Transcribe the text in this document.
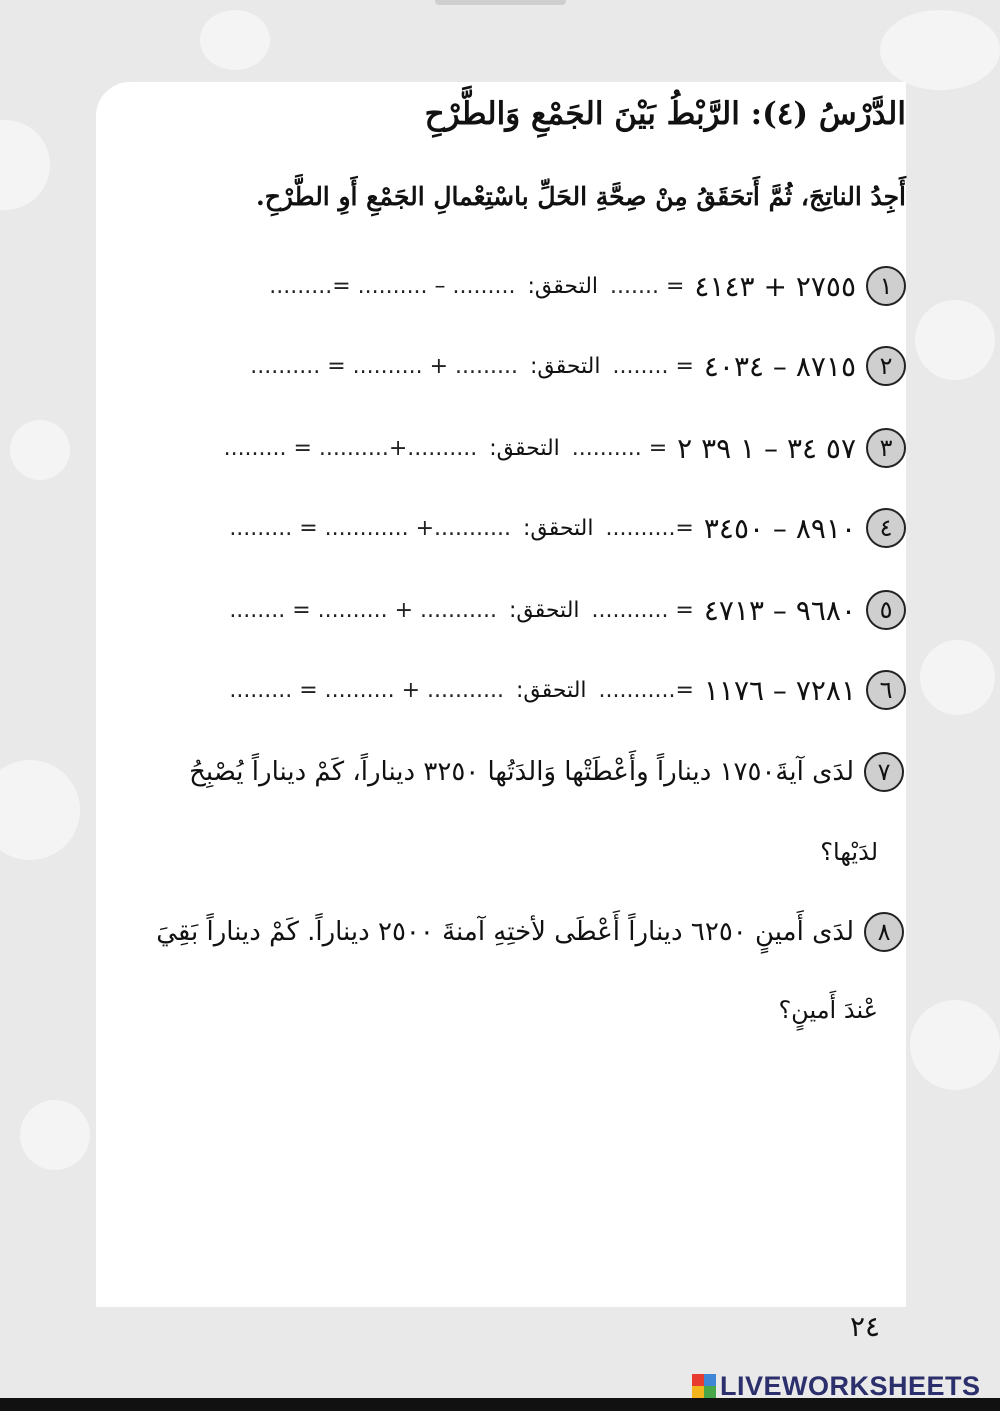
الدَّرْسُ (٤): الرَّبْطُ بَيْنَ الجَمْعِ وَالطَّرْحِ
أَجِدُ الناتِجَ، ثُمَّ أَتحَقَقُ مِنْ صِحَّةِ الحَلِّ باسْتِعْمالِ الجَمْعِ أَوِ الطَّرْحِ.
١
٢٧٥٥ + ٤١٤٣
= .......
التحقق:
......... – .......... =.........
٢
٨٧١٥ – ٤٠٣٤
= ........
التحقق:
......... + .......... = ..........
٣
٥٧ ٣٤ – ١ ٣٩ ٢
= ..........
التحقق:
..........+.......... = .........
٤
٨٩١٠ – ٣٤٥٠
=..........
التحقق:
...........+ ............ = .........
٥
٩٦٨٠ – ٤٧١٣
= ...........
التحقق:
........... + .......... = ........
٦
٧٢٨١ – ١١٧٦
=...........
التحقق:
........... + .......... = .........
٧
لدَى آيةَ١٧٥٠ ديناراً وأَعْطَتْها وَالدَتُها ٣٢٥٠ ديناراً، كَمْ ديناراً يُصْبِحُ
لدَيْها؟
٨
لدَى أَمينٍ ٦٢٥٠ ديناراً أَعْطَى لأختِهِ آمنةَ ٢٥٠٠ ديناراً. كَمْ ديناراً بَقِيَ
عْندَ أَمينٍ؟
٢٤
LIVEWORKSHEETS
